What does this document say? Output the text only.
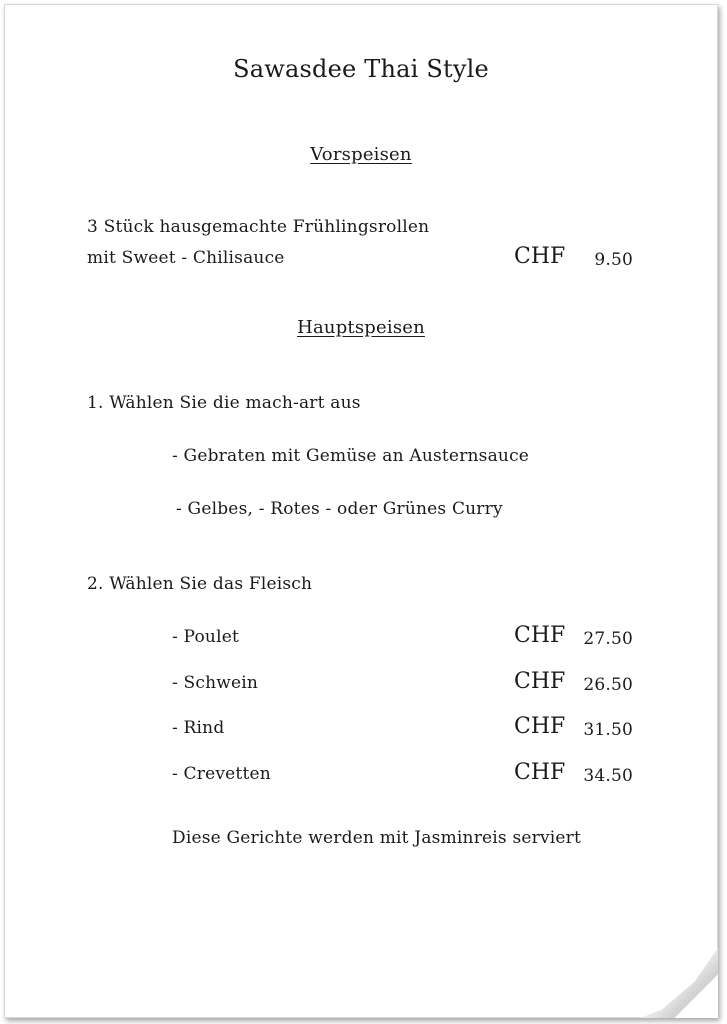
Sawasdee Thai Style
Vorspeisen
3 Stück hausgemachte Frühlingsrollen
mit Sweet - Chilisauce	CHF	9.50
Hauptspeisen
1. Wählen Sie die mach-art aus
- Gebraten mit Gemüse an Austernsauce
- Gelbes, - Rotes - oder Grünes Curry
2. Wählen Sie das Fleisch
- Poulet	CHF	27.50
- Schwein	CHF	26.50
- Rind	CHF	31.50
- Crevetten	CHF	34.50
Diese Gerichte werden mit Jasminreis serviert
